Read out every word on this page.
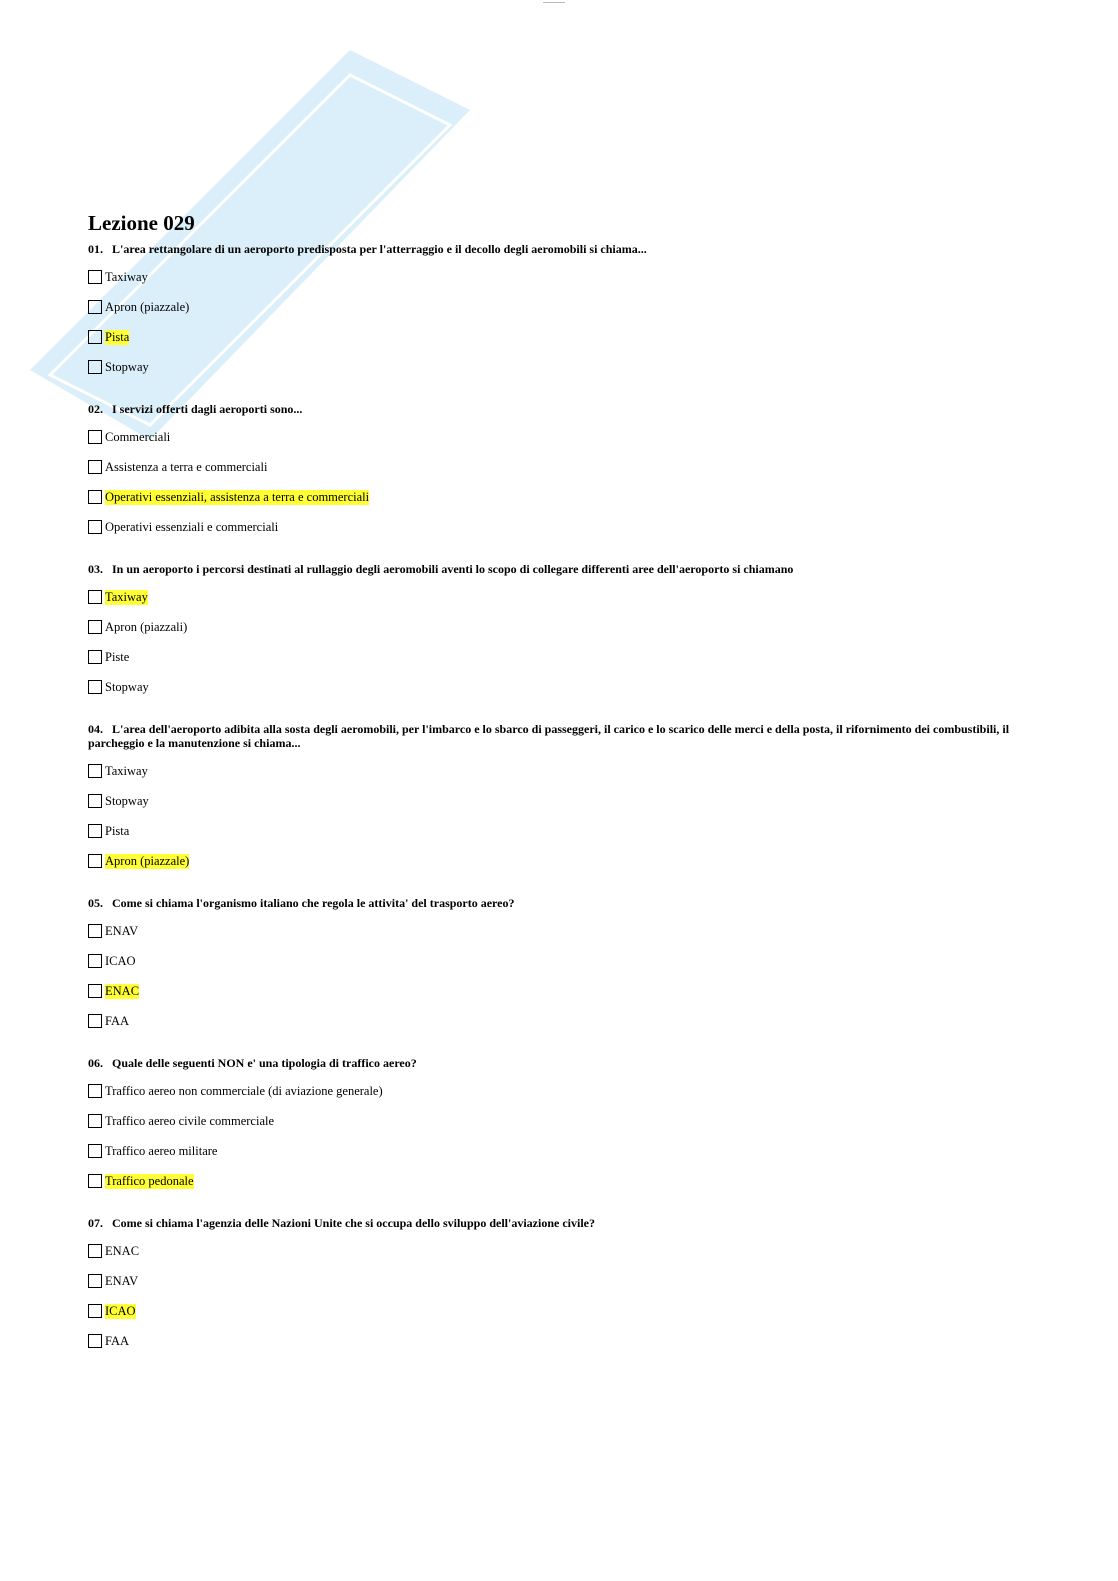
Lezione 029

01. L'area rettangolare di un aeroporto predisposta per l'atterraggio e il decollo degli aeromobili si chiama...

Taxiway
Apron (piazzale)
Pista
Stopway

02. I servizi offerti dagli aeroporti sono...

Commerciali
Assistenza a terra e commerciali
Operativi essenziali, assistenza a terra e commerciali
Operativi essenziali e commerciali

03. In un aeroporto i percorsi destinati al rullaggio degli aeromobili aventi lo scopo di collegare differenti aree dell'aeroporto si chiamano

Taxiway
Apron (piazzali)
Piste
Stopway

04. L'area dell'aeroporto adibita alla sosta degli aeromobili, per l'imbarco e lo sbarco di passeggeri, il carico e lo scarico delle merci e della posta, il rifornimento dei combustibili, il parcheggio e la manutenzione si chiama...

Taxiway
Stopway
Pista
Apron (piazzale)

05. Come si chiama l'organismo italiano che regola le attivita' del trasporto aereo?

ENAV
ICAO
ENAC
FAA

06. Quale delle seguenti NON e' una tipologia di traffico aereo?

Traffico aereo non commerciale (di aviazione generale)
Traffico aereo civile commerciale
Traffico aereo militare
Traffico pedonale

07. Come si chiama l'agenzia delle Nazioni Unite che si occupa dello sviluppo dell'aviazione civile?

ENAC
ENAV
ICAO
FAA
